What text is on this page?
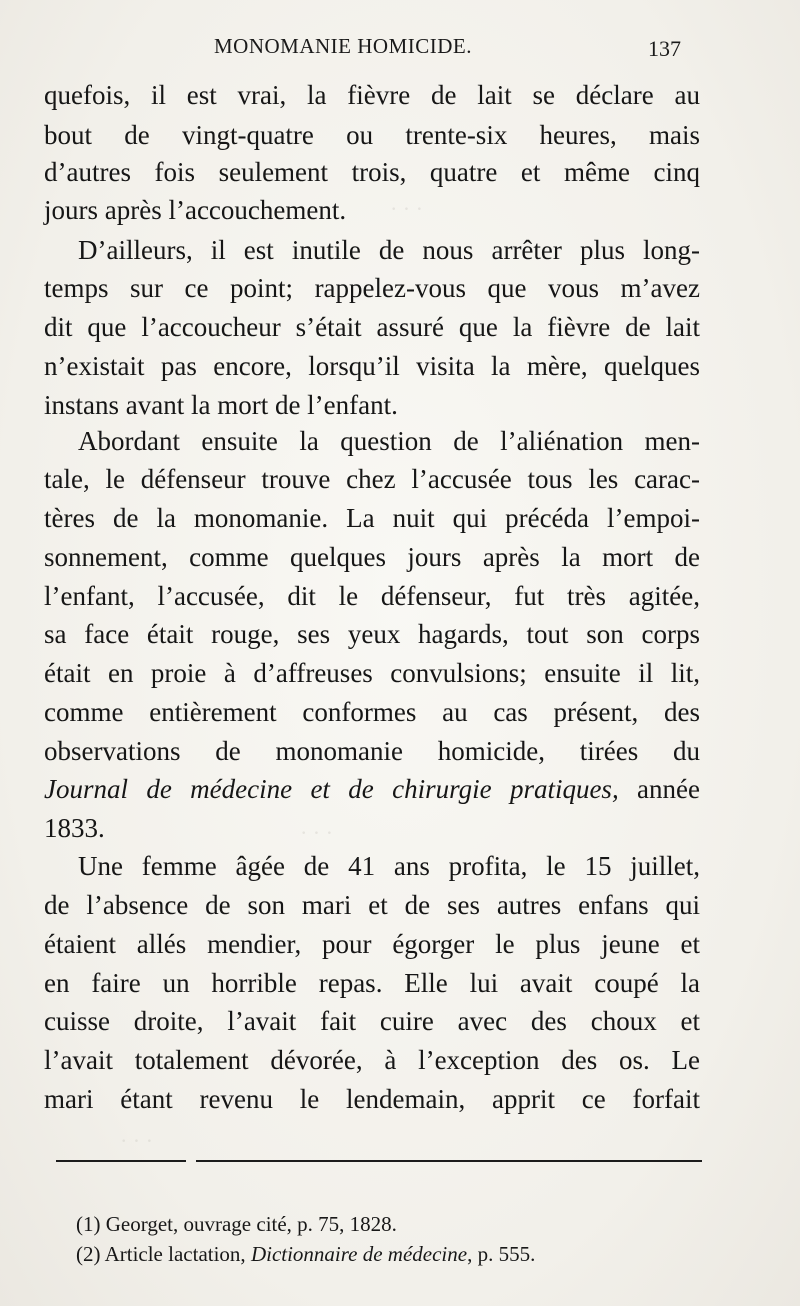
MONOMANIE HOMICIDE.	137
quefois, il est vrai, la fièvre de lait se déclare au
bout de vingt-quatre ou trente-six heures, mais
d’autres fois seulement trois, quatre et même cinq
jours après l’accouchement.
D’ailleurs, il est inutile de nous arrêter plus long-
temps sur ce point; rappelez-vous que vous m’avez
dit que l’accoucheur s’était assuré que la fièvre de lait
n’existait pas encore, lorsqu’il visita la mère, quelques
instans avant la mort de l’enfant.
Abordant ensuite la question de l’aliénation men-
tale, le défenseur trouve chez l’accusée tous les carac-
tères de la monomanie. La nuit qui précéda l’empoi-
sonnement, comme quelques jours après la mort de
l’enfant, l’accusée, dit le défenseur, fut très agitée,
sa face était rouge, ses yeux hagards, tout son corps
était en proie à d’affreuses convulsions; ensuite il lit,
comme entièrement conformes au cas présent, des
observations de monomanie homicide, tirées du
Journal de médecine et de chirurgie pratiques, année
1833.
Une femme âgée de 41 ans profita, le 15 juillet,
de l’absence de son mari et de ses autres enfans qui
étaient allés mendier, pour égorger le plus jeune et
en faire un horrible repas. Elle lui avait coupé la
cuisse droite, l’avait fait cuire avec des choux et
l’avait totalement dévorée, à l’exception des os. Le
mari étant revenu le lendemain, apprit ce forfait
(1) Georget, ouvrage cité, p. 75, 1828.
(2) Article lactation, Dictionnaire de médecine, p. 555.
· · ·
· · ·
· · ·
